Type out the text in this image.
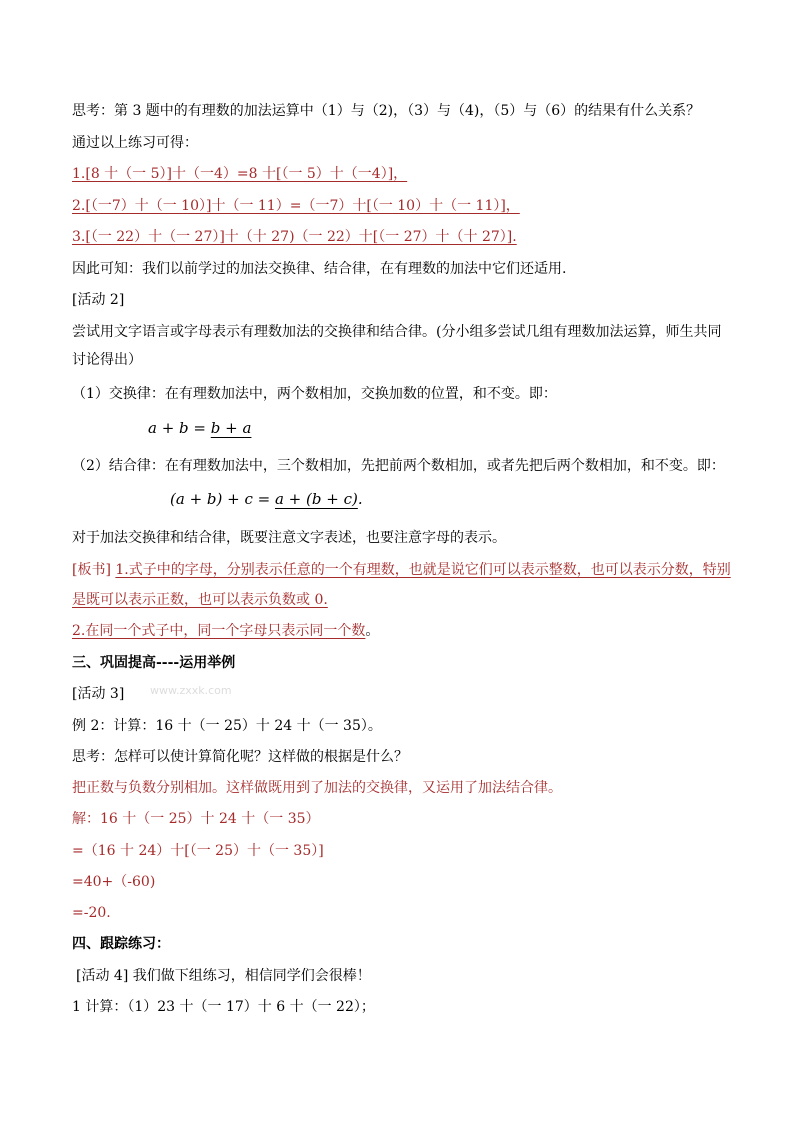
思考：第 3 题中的有理数的加法运算中（1）与（2)，（3）与（4)，（5）与（6）的结果有什么关系？
通过以上练习可得：
1.[8 十（一 5）]十（一4）=8 十[（一 5）十（一4）]，
2.[（一7）十（一 10）]十（一 11）=（一7）十[（一 10）十（一 11）]，
3.[（一 22）十（一 27）]十（十 27)（一 22）十[（一 27）十（十 27）].
因此可知：我们以前学过的加法交换律、结合律，在有理数的加法中它们还适用.
[活动 2]
尝试用文字语言或字母表示有理数加法的交换律和结合律。(分小组多尝试几组有理数加法运算，师生共同
讨论得出）
（1）交换律：在有理数加法中，两个数相加，交换加数的位置，和不变。即：
a + b = b + a
（2）结合律：在有理数加法中，三个数相加，先把前两个数相加，或者先把后两个数相加，和不变。即：
(a + b) + c = a + (b + c).
对于加法交换律和结合律，既要注意文字表述，也要注意字母的表示。
[板书] 1.式子中的字母，分别表示任意的一个有理数，也就是说它们可以表示整数，也可以表示分数，特别
是既可以表示正数，也可以表示负数或 0.
2.在同一个式子中，同一个字母只表示同一个数。
三、巩固提高----运用举例
[活动 3] www.zxxk.com
例 2：计算：16 十（一 25）十 24 十（一 35）。
思考：怎样可以使计算简化呢？这样做的根据是什么？
把正数与负数分别相加。这样做既用到了加法的交换律，又运用了加法结合律。
解：16 十（一 25）十 24 十（一 35）
=（16 十 24）十[（一 25）十（一 35）]
=40+（-60)
=-20.
四、跟踪练习：
[活动 4] 我们做下组练习，相信同学们会很棒！
1 计算：（1）23 十（一 17）十 6 十（一 22）；
